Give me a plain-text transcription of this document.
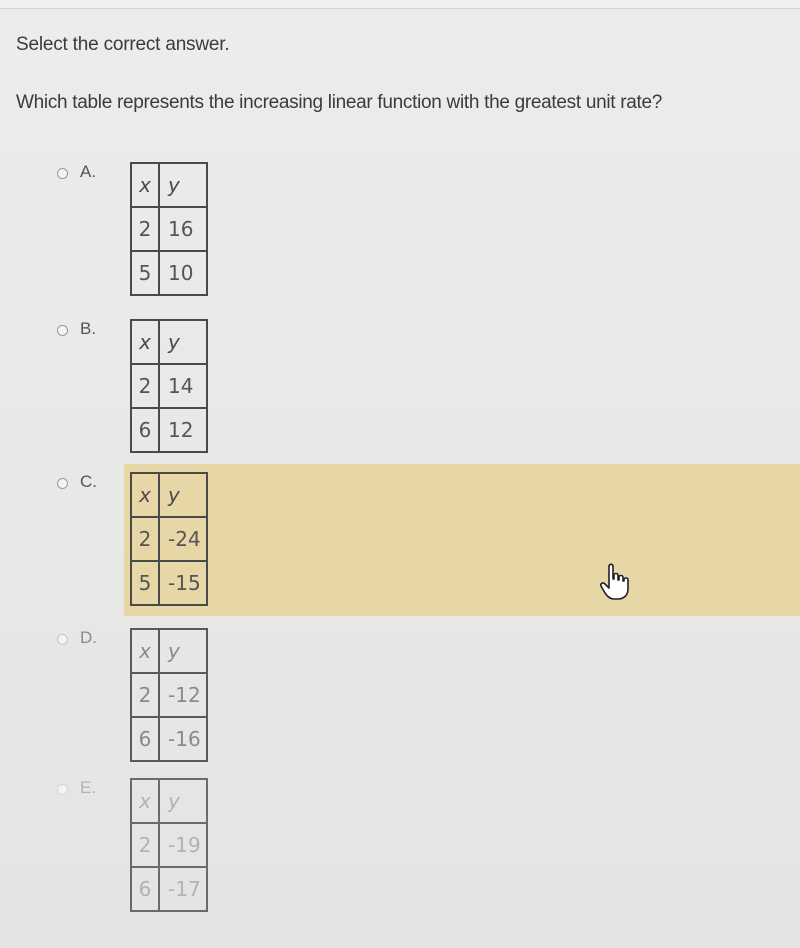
Select the correct answer.
Which table represents the increasing linear function with the greatest unit rate?
A.
x	y
2	16
5	10
B.
x	y
2	14
6	12
C.
x	y
2	-24
5	-15
D.
x	y
2	-12
6	-16
E.
x	y
2	-19
6	-17
